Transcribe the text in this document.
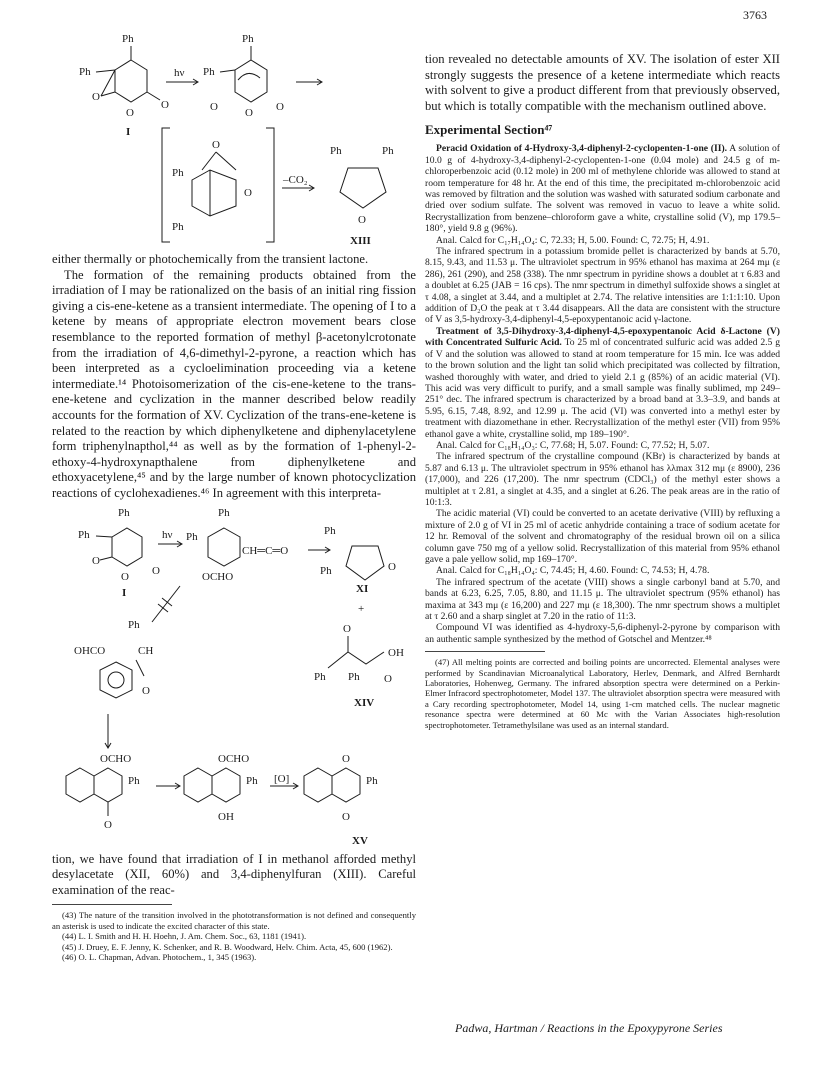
3763
Ph
Ph
O
O
O
I
hν
Ph
Ph
O O O
O
Ph
O
Ph
–CO₂
Ph	Ph
O
XIII

either thermally or photochemically from the transient lactone.

The formation of the remaining products obtained from the irradiation of I may be rationalized on the basis of an initial ring fission giving a cis-ene-ketene as a transient intermediate. The opening of I to a ketene by means of appropriate electron movement bears close resemblance to the reported formation of methyl β-acetonylcrotonate from the irradiation of 4,6-dimethyl-2-pyrone, a reaction which has been interpreted as a cycloelimination proceeding via a ketene intermediate.¹⁴ Photoisomerization of the cis-ene-ketene to the trans-ene-ketene and cyclization in the manner described below readily accounts for the formation of XV. Cyclization of the trans-ene-ketene is related to the reaction by which diphenylketene and diphenylacetylene form triphenylnapthol,⁴⁴ as well as by the formation of 1-phenyl-2-ethoxy-4-hydroxynapthalene from diphenylketene and ethoxyacetylene,⁴⁵ and by the large number of known photocyclization reactions of cyclohexadienes.⁴⁶ In agreement with this interpreta-

Ph
Ph
O
O O
I
hν
Ph
Ph
CH═C═O
OCHO
Ph
Ph	O
XI
+
O
OH
O
Ph Ph
XIV
Ph
OHCO	CH
O
OCHO
Ph
O
OCHO
Ph
OH
[O]
O
Ph
O
XV

tion, we have found that irradiation of I in methanol afforded methyl desylacetate (XII, 60%) and 3,4-diphenylfuran (XIII). Careful examination of the reac-

(43) The nature of the transition involved in the phototransformation is not defined and consequently an asterisk is used to indicate the excited character of this state.

(44) L. I. Smith and H. H. Hoehn, J. Am. Chem. Soc., 63, 1181 (1941).

(45) J. Druey, E. F. Jenny, K. Schenker, and R. B. Woodward, Helv. Chim. Acta, 45, 600 (1962).

(46) O. L. Chapman, Advan. Photochem., 1, 345 (1963).

tion revealed no detectable amounts of XV. The isolation of ester XII strongly suggests the presence of a ketene intermediate which reacts with solvent to give a product different from that previously observed, but which is totally compatible with the mechanism outlined above.

Experimental Section⁴⁷

Peracid Oxidation of 4-Hydroxy-3,4-diphenyl-2-cyclopenten-1-one (II). A solution of 10.0 g of 4-hydroxy-3,4-diphenyl-2-cyclopenten-1-one (0.04 mole) and 24.5 g of m-chloroperbenzoic acid (0.12 mole) in 200 ml of methylene chloride was allowed to stand at room temperature for 48 hr. At the end of this time, the precipitated m-chlorobenzoic acid was removed by filtration and the solution was washed with saturated sodium carbonate and dried over sodium sulfate. The solvent was removed in vacuo to leave a white solid. Recrystallization from benzene–chloroform gave a white, crystalline solid (V), mp 179.5–180°, yield 9.8 g (96%).

Anal. Calcd for C₁₇H₁₄O₄: C, 72.33; H, 5.00. Found: C, 72.75; H, 4.91.

The infrared spectrum in a potassium bromide pellet is characterized by bands at 5.70, 8.15, 9.43, and 11.53 μ. The ultraviolet spectrum in 95% ethanol has maxima at 264 mμ (ε 286), 261 (290), and 258 (338). The nmr spectrum in pyridine shows a doublet at τ 6.83 and a doublet at 6.25 (JAB = 16 cps). The nmr spectrum in dimethyl sulfoxide shows a singlet at τ 4.08, a singlet at 3.44, and a multiplet at 2.74. The relative intensities are 1:1:1:10. Upon addition of D₂O the peak at τ 3.44 disappears. All the data are consistent with the structure of V as 3,5-hydroxy-3,4-diphenyl-4,5-epoxypentanoic acid γ-lactone.

Treatment of 3,5-Dihydroxy-3,4-diphenyl-4,5-epoxypentanoic Acid δ-Lactone (V) with Concentrated Sulfuric Acid. To 25 ml of concentrated sulfuric acid was added 2.5 g of V and the solution was allowed to stand at room temperature for 15 min. Ice was added to the brown solution and the light tan solid which precipitated was collected by filtration, washed thoroughly with water, and dried to yield 2.1 g (85%) of an acidic material (VI). This acid was very difficult to purify, and a small sample was finally sublimed, mp 249–251° dec. The infrared spectrum is characterized by a broad band at 3.3–3.9, and bands at 5.95, 6.15, 7.48, 8.92, and 12.99 μ. The acid (VI) was converted into a methyl ester by treatment with diazomethane in ether. Recrystallization of the methyl ester (VII) from 95% ethanol gave a white, crystalline solid, mp 189–190°.

Anal. Calcd for C₁₈H₁₄O₃: C, 77.68; H, 5.07. Found: C, 77.52; H, 5.07.

The infrared spectrum of the crystalline compound (KBr) is characterized by bands at 5.87 and 6.13 μ. The ultraviolet spectrum in 95% ethanol has λλmax 312 mμ (ε 8900), 236 (17,000), and 226 (17,200). The nmr spectrum (CDCl₃) of the methyl ester shows a multiplet at τ 2.81, a singlet at 4.35, and a singlet at 6.26. The peak areas are in the ratio of 10:1:3.

The acidic material (VI) could be converted to an acetate derivative (VIII) by refluxing a mixture of 2.0 g of VI in 25 ml of acetic anhydride containing a trace of sodium acetate for 12 hr. Removal of the solvent and chromatography of the residual brown oil on a silica column gave 750 mg of a yellow solid. Recrystallization of this material from 95% ethanol gave a pale yellow solid, mp 169–170°.

Anal. Calcd for C₁₈H₁₄O₄: C, 74.45; H, 4.60. Found: C, 74.53; H, 4.78.

The infrared spectrum of the acetate (VIII) shows a single carbonyl band at 5.70, and bands at 6.23, 6.25, 7.05, 8.80, and 11.15 μ. The ultraviolet spectrum (95% ethanol) has maxima at 343 mμ (ε 16,200) and 227 mμ (ε 18,300). The nmr spectrum shows a multiplet at τ 2.60 and a sharp singlet at 7.20 in the ratio of 11:3.

Compound VI was identified as 4-hydroxy-5,6-diphenyl-2-pyrone by comparison with an authentic sample synthesized by the method of Gotschel and Mentzer.⁴⁸

(47) All melting points are corrected and boiling points are uncorrected. Elemental analyses were performed by Scandinavian Microanalytical Laboratory, Herlev, Denmark, and Alfred Bernhardt Laboratories, Hohenweg, Germany. The infrared absorption spectra were determined on a Perkin-Elmer Infracord spectrophotometer, Model 137. The ultraviolet absorption spectra were measured with a Cary recording spectrophotometer, Model 14, using 1-cm matched cells. The nuclear magnetic resonance spectra were determined at 60 Mc with the Varian Associates high-resolution spectrophotometer. Tetramethylsilane was used as an internal standard.

Padwa, Hartman / Reactions in the Epoxypyrone Series
